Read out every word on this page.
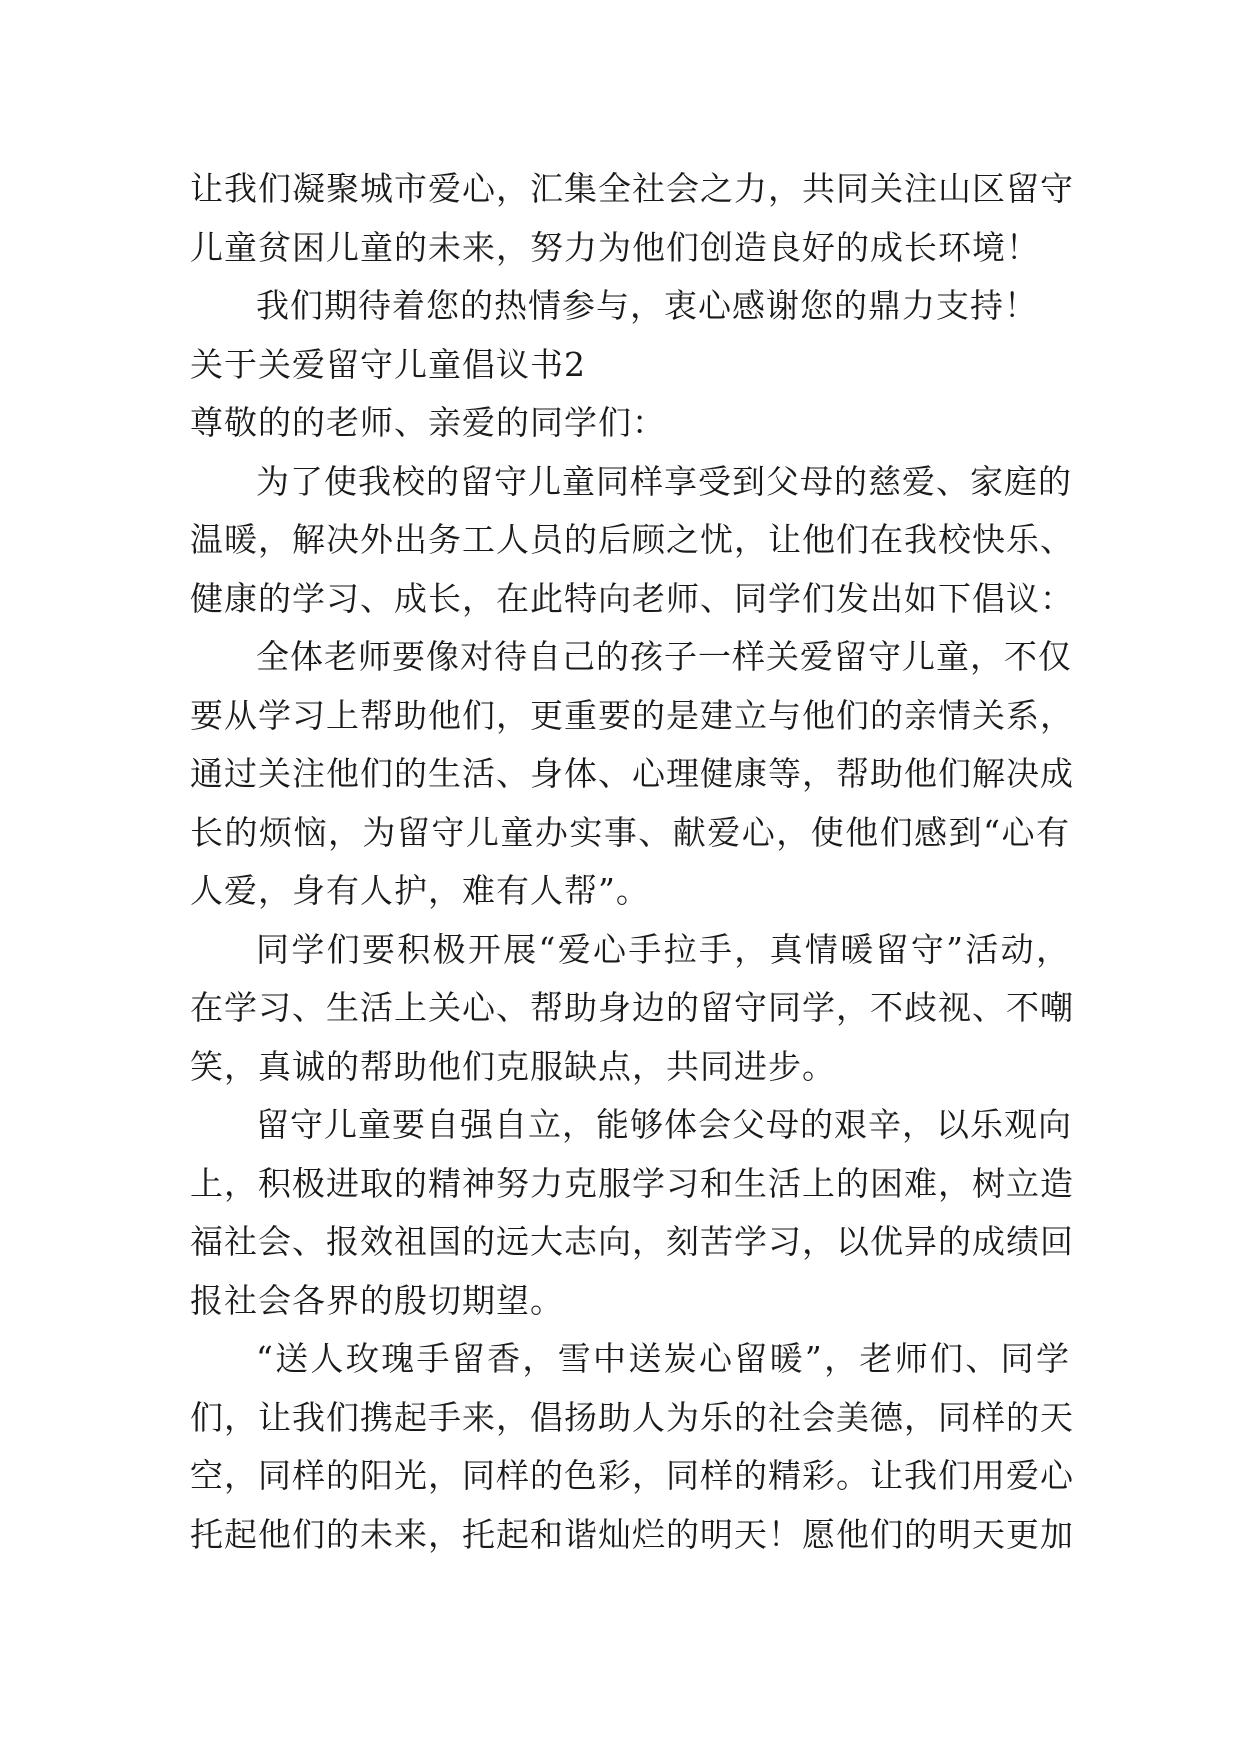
让我们凝聚城市爱心，汇集全社会之力，共同关注山区留守
儿童贫困儿童的未来，努力为他们创造良好的成长环境！
我们期待着您的热情参与，衷心感谢您的鼎力支持！
关于关爱留守儿童倡议书2
尊敬的的老师、亲爱的同学们：
为了使我校的留守儿童同样享受到父母的慈爱、家庭的
温暖，解决外出务工人员的后顾之忧，让他们在我校快乐、
健康的学习、成长，在此特向老师、同学们发出如下倡议：
全体老师要像对待自己的孩子一样关爱留守儿童，不仅
要从学习上帮助他们，更重要的是建立与他们的亲情关系，
通过关注他们的生活、身体、心理健康等，帮助他们解决成
长的烦恼，为留守儿童办实事、献爱心，使他们感到“心有
人爱，身有人护，难有人帮”。
同学们要积极开展“爱心手拉手，真情暖留守”活动，
在学习、生活上关心、帮助身边的留守同学，不歧视、不嘲
笑，真诚的帮助他们克服缺点，共同进步。
留守儿童要自强自立，能够体会父母的艰辛，以乐观向
上，积极进取的精神努力克服学习和生活上的困难，树立造
福社会、报效祖国的远大志向，刻苦学习，以优异的成绩回
报社会各界的殷切期望。
“送人玫瑰手留香，雪中送炭心留暖”，老师们、同学
们，让我们携起手来，倡扬助人为乐的社会美德，同样的天
空，同样的阳光，同样的色彩，同样的精彩。让我们用爱心
托起他们的未来，托起和谐灿烂的明天！愿他们的明天更加
